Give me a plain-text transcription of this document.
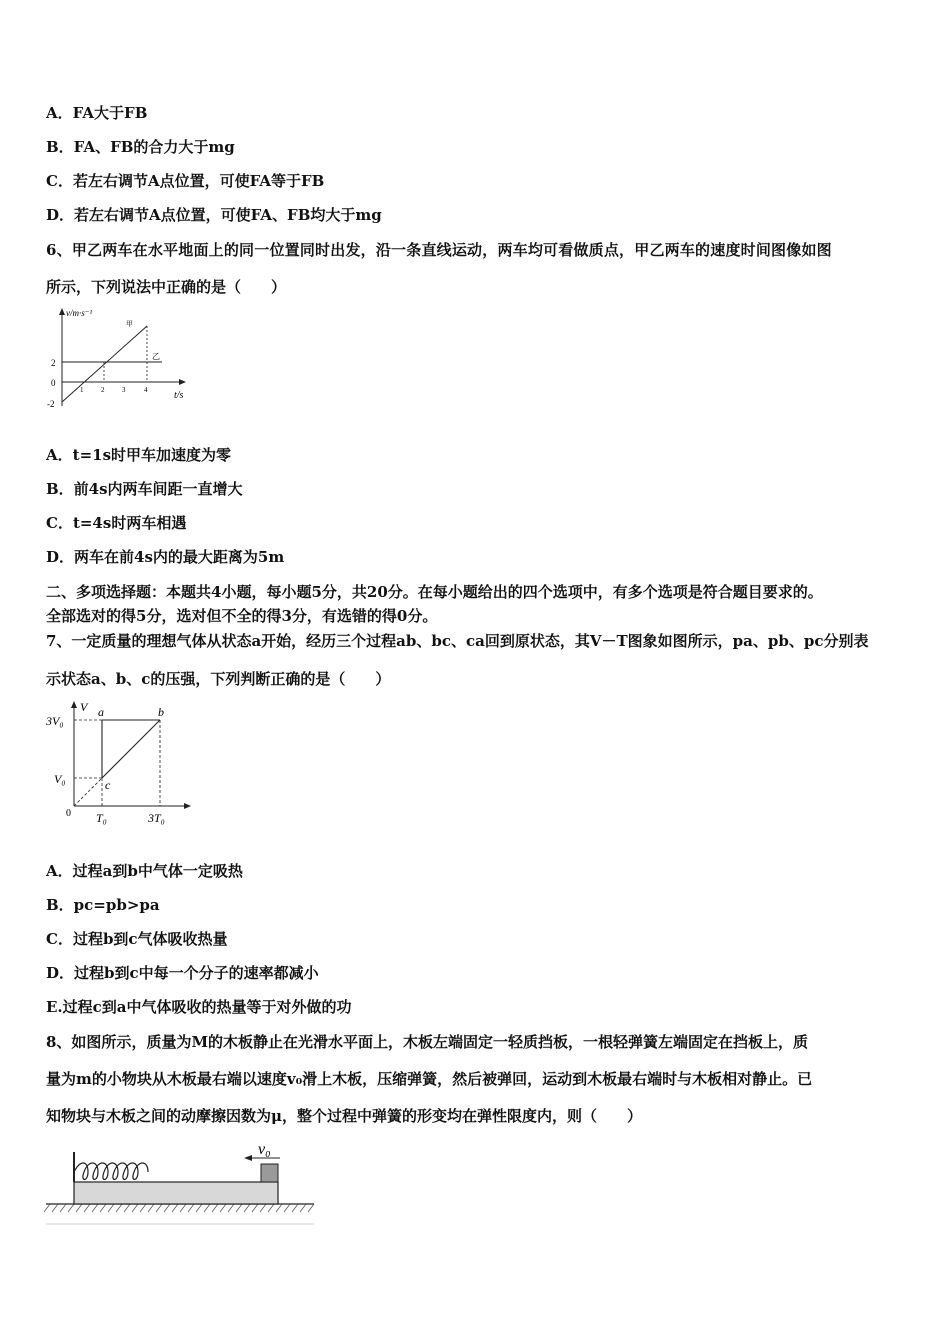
A．FA大于FB
B．FA、FB的合力大于mg
C．若左右调节A点位置，可使FA等于FB
D．若左右调节A点位置，可使FA、FB均大于mg
6、甲乙两车在水平地面上的同一位置同时出发，沿一条直线运动，两车均可看做质点，甲乙两车的速度时间图像如图
所示，下列说法中正确的是（　　）
v/m·s⁻¹
甲
乙
2
0
-2
1	2	3	4	t/s
A．t=1s时甲车加速度为零
B．前4s内两车间距一直增大
C．t=4s时两车相遇
D．两车在前4s内的最大距离为5m
二、多项选择题：本题共4小题，每小题5分，共20分。在每小题给出的四个选项中，有多个选项是符合题目要求的。
全部选对的得5分，选对但不全的得3分，有选错的得0分。
7、一定质量的理想气体从状态a开始，经历三个过程ab、bc、ca回到原状态，其V－T图象如图所示，pa、pb、pc分别表
示状态a、b、c的压强，下列判断正确的是（　　）
V
3V₀
V₀
a	b
c
0 T₀	3T₀
A．过程a到b中气体一定吸热
B．pc=pb>pa
C．过程b到c气体吸收热量
D．过程b到c中每一个分子的速率都减小
E.过程c到a中气体吸收的热量等于对外做的功
8、如图所示，质量为M的木板静止在光滑水平面上，木板左端固定一轻质挡板，一根轻弹簧左端固定在挡板上，质
量为m的小物块从木板最右端以速度v₀滑上木板，压缩弹簧，然后被弹回，运动到木板最右端时与木板相对静止。已
知物块与木板之间的动摩擦因数为μ，整个过程中弹簧的形变均在弹性限度内，则（　　）
v₀
